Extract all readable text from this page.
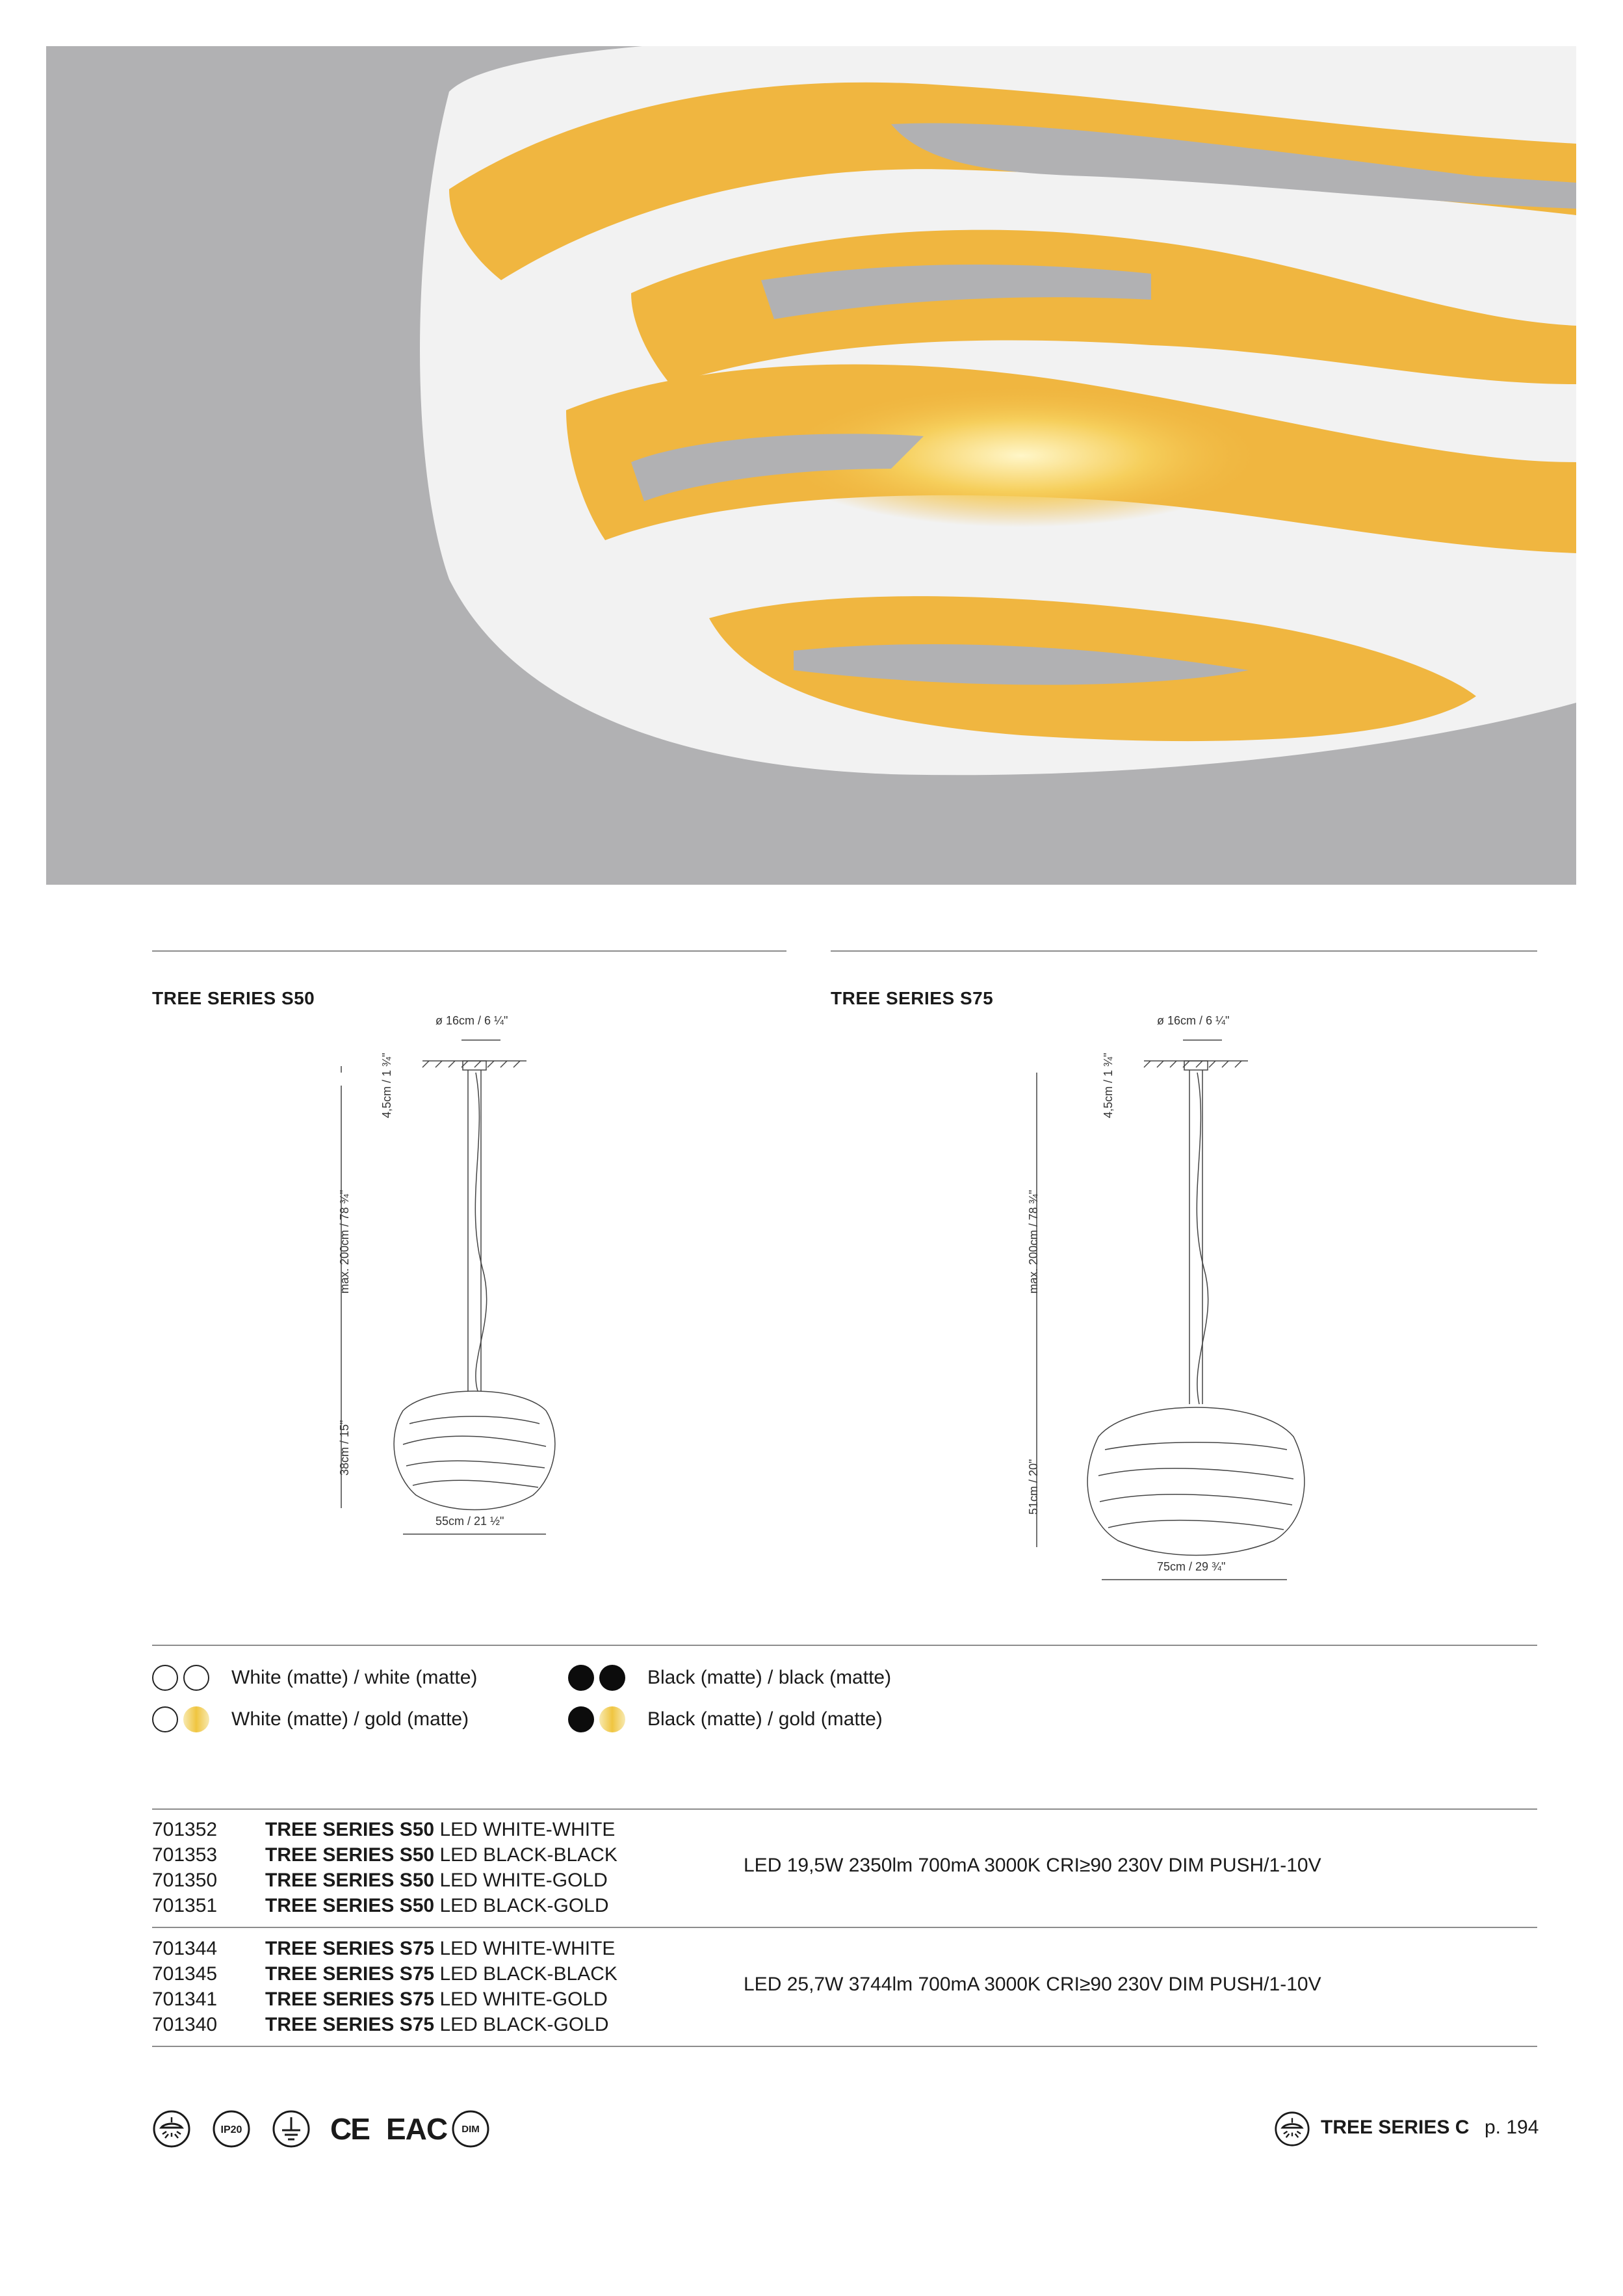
TREE SERIES S50	TREE SERIES S75
ø 16cm / 6 ¼"
4,5cm / 1 ¾"
max. 200cm / 78 ¾"
38cm / 15"
55cm / 21 ½"
ø 16cm / 6 ¼"
4,5cm / 1 ¾"
max. 200cm / 78 ¾"
51cm / 20"
75cm / 29 ¾"
White (matte) / white (matte)
White (matte) / gold (matte)
Black (matte) / black (matte)
Black (matte) / gold (matte)
701352 TREE SERIES S50 LED WHITE-WHITE
701353 TREE SERIES S50 LED BLACK-BLACK
701350 TREE SERIES S50 LED WHITE-GOLD
701351 TREE SERIES S50 LED BLACK-GOLD
LED 19,5W 2350lm 700mA 3000K CRI≥90 230V DIM PUSH/1-10V
701344 TREE SERIES S75 LED WHITE-WHITE
701345 TREE SERIES S75 LED BLACK-BLACK
701341 TREE SERIES S75 LED WHITE-GOLD
701340 TREE SERIES S75 LED BLACK-GOLD
LED 25,7W 3744lm 700mA 3000K CRI≥90 230V DIM PUSH/1-10V
IP20	CE EAC DIM	TREE SERIES C p. 194
